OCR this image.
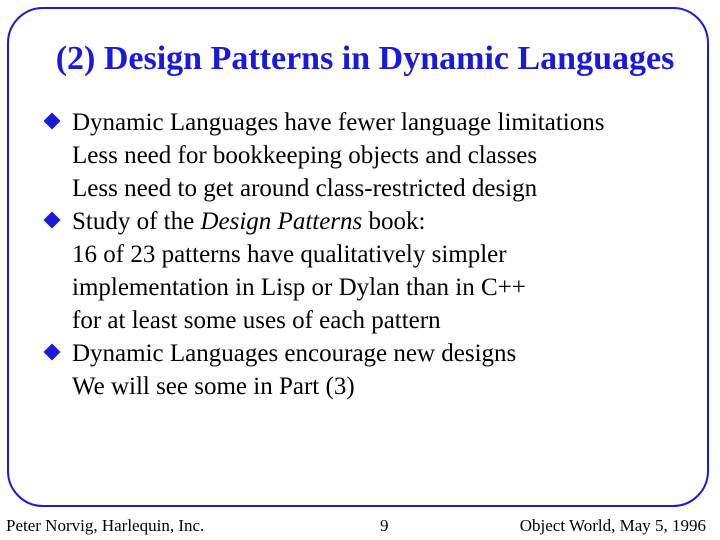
(2) Design Patterns in Dynamic Languages
Dynamic Languages have fewer language limitations
Less need for bookkeeping objects and classes
Less need to get around class-restricted design
Study of the Design Patterns book:
16 of 23 patterns have qualitatively simpler
implementation in Lisp or Dylan than in C++
for at least some uses of each pattern
Dynamic Languages encourage new designs
We will see some in Part (3)
Peter Norvig, Harlequin, Inc.	9	Object World, May 5, 1996
